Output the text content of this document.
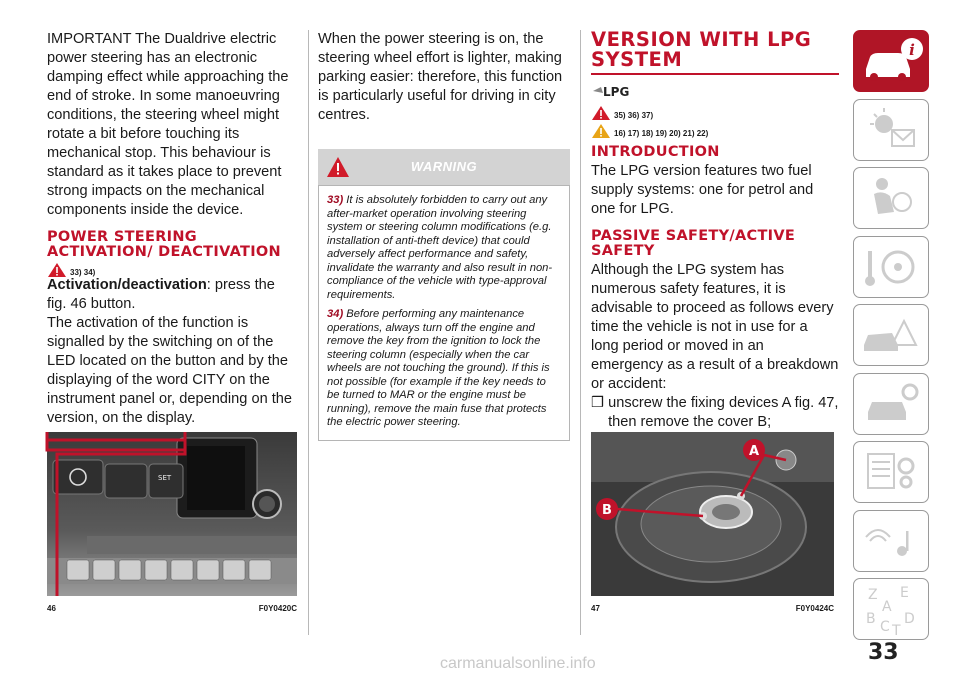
IMPORTANT The Dualdrive electric power steering has an electronic damping effect while approaching the end of stroke. In some manoeuvring conditions, the steering wheel might rotate a bit before touching its mechanical stop. This behaviour is standard as it takes place to prevent strong impacts on the mechanical components inside the device.

POWER STEERING ACTIVATION/ DEACTIVATION
33) 34)

Activation/deactivation: press the fig. 46 button.

The activation of the function is signalled by the switching on of the LED located on the button and by the displaying of the word CITY on the instrument panel or, depending on the version, on the display.

SET
46	F0Y0420C

When the power steering is on, the steering wheel effort is lighter, making parking easier: therefore, this function is particularly useful for driving in city centres.

WARNING

33) It is absolutely forbidden to carry out any after-market operation involving steering system or steering column modifications (e.g. installation of anti-theft device) that could adversely affect performance and safety, invalidate the warranty and also result in non-compliance of the vehicle with type-approval requirements.

34) Before performing any maintenance operations, always turn off the engine and remove the key from the ignition to lock the steering column (especially when the car wheels are not touching the ground). If this is not possible (for example if the key needs to be turned to MAR or the engine must be running), remove the main fuse that protects the electric power steering.

VERSION WITH LPG SYSTEM
LPG
35) 36) 37)
16) 17) 18) 19) 20) 21) 22)
INTRODUCTION

The LPG version features two fuel supply systems: one for petrol and one for LPG.

PASSIVE SAFETY/ACTIVE SAFETY

Although the LPG system has numerous safety features, it is advisable to proceed as follows every time the vehicle is not in use for a long period or moved in an emergency as a result of a breakdown or accident:

❒ unscrew the fixing devices A fig. 47, then remove the cover B;

A
B
47	F0Y0424C
i
Z E
A
B D
C T
33
carmanualsonline.info
